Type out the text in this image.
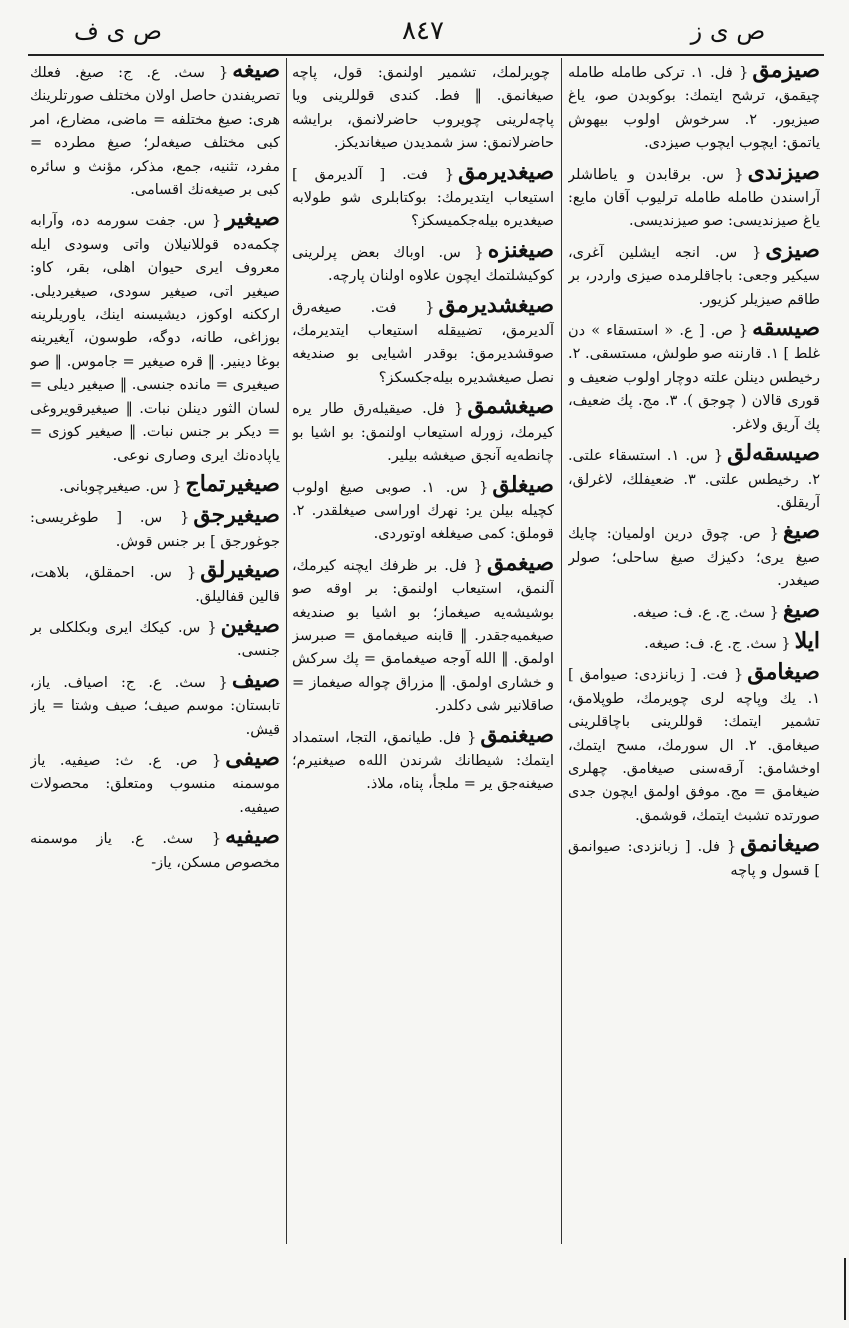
ص ی ز
٨٤٧
ص ی ف
صیزمق{ فل. ١. ترکی طامله طامله چیقمق، ترشح ایتمك: بوکوبدن صو، یاغ صیزیور. ٢. سرخوش اولوب بیهوش یاتمق: ایچوب ایچوب صیزدی.
صیزندی{ س. برقابدن و یاطاشلر آراسندن طامله طامله ترلیوب آقان مایع: یاغ صیزندیسی: صو صیزندیسی.
صیزی{ س. انجه ایشلین آغری، سیکیر وجعی: باجاقلرمده صیزی واردر، بر طاقم صیزیلر کزیور.
صیسقه{ ص. [ ع. « استسقاء » دن غلط ] ١. قارننه صو طولش، مستسقی. ٢. رخیطس دینلن علته دوچار اولوب ضعیف و قوری قالان ( چوجق ). ٣. مج. پك ضعیف، پك آریق ولاغر.
صیسقه‌لق{ س. ١. استسقاء علتی. ٢. رخیطس علتی. ٣. ضعیفلك، لاغرلق، آریقلق.
صیغ{ ص. چوق درین اولمیان: چایك صیغ یری؛ دکیزك صیغ ساحلی؛ صولر صیغدر.
صیغ{ سث. ج. ع. ف: صیغه.
ایلا{ سث. ج. ع. ف: صیغه.
صیغامق{ فت. [ زبانزدی: صیوامق ] ١. یك وپاچه لری چویرمك، طوپلامق، تشمیر ایتمك: قوللرینی باچاقلرینی صیغامق. ٢. ال سورمك، مسح ایتمك، اوخشامق: آرقه‌سنی صیغامق. چهلری ضیغامق = مج. موفق اولمق ایچون جدی صورتده تشبث ایتمك، قوشمق.
صیغانمق{ فل. [ زبانزدی: صیوانمق ] قسول و پاچه
چویرلمك، تشمیر اولنمق: قول، پاچه صیغانمق. ‖ فط. کندی قوللرینی ویا پاچه‌لرینی چویروب حاضرلانمق، برایشه حاضرلانمق: سز شمدیدن صیغاندیکز.
صیغدیرمق{ فت. [ آلدیرمق ] استیعاب ایتدیرمك: بوکتابلری شو طولابه صیغدیره بیله‌جکمیسکز؟
صیغنزه{ س. اوباك بعض پرلرینی کوکیشلتمك ایچون علاوه اولنان پارچه.
صیغشدیرمق{ فت. صیغه‌رق آلدیرمق، تضییقله استیعاب ایتدیرمك، صوقشدیرمق: بوقدر اشیایی بو صندیغه نصل صیغشدیره بیله‌جکسکز؟
صیغشمق{ فل. صیقیله‌رق طار یره کیرمك، زورله استیعاب اولنمق: بو اشیا بو چانطه‌یه آنجق صیغشه بیلیر.
صیغلق{ س. ١. صوبی صیغ اولوب کچیلە بیلن یر: نهرك اوراسی صیغلقدر. ٢. قوملق: کمی صیغلغه اوتوردی.
صیغمق{ فل. بر ظرفك ایچنه کیرمك، آلنمق، استیعاب اولنمق: بر اوقه صو بوشیشه‌یه صیغماز؛ بو اشیا بو صندیغه صیغمیه‌جقدر. ‖ قابنه صیغمامق = صبرسز اولمق. ‖ الله آوجه صیغمامق = پك سرکش و خشاری اولمق. ‖ مزراق چواله صیغماز = صاقلانیر شی دکلدر.
صیغنمق{ فل. طیانمق، التجا، استمداد ایتمك: شیطانك شرندن الله‌ه صیغنیرم؛ صیغنه‌جق یر = ملجأ، پناه، ملاذ.
صیغه{ سث. ع. ج: صیغ. فعلك تصریفندن حاصل اولان مختلف صورتلرینك هری: صیغ مختلفه = ماضی، مضارع، امر کبی مختلف صیغه‌لر؛ صیغ مطرده = مفرد، تثنیه، جمع، مذکر، مؤنث و سائره کبی بر صیغه‌نك اقسامی.
صیغیر{ س. جفت سورمه ده، وآرابه چکمه‌ده قوللانیلان واتی وسودی ایله معروف ایری حیوان اهلی، بقر، کاو: صیغیر اتی، صیغیر سودی، صیغیردیلی. ارککنه اوکوز، دیشیسنه اینك، یاوریلرینه بوزاغی، طانه، دوگه، طوسون، آیغیرینه بوغا دینیر. ‖ قره صیغیر = جاموس. ‖ صو صیغیری = مانده جنسی. ‖ صیغیر دیلی = لسان الثور دینلن نبات. ‖ صیغیرقویروغی = دیکر بر جنس نبات. ‖ صیغیر کوزی = یاپاده‌نك ایری وصاری نوعی.
صیغیرتماج{ س. صیغیرچوبانی.
صیغیرجق{ س. [ طوغریسی: جوغورجق ] بر جنس قوش.
صیغیرلق{ س. احمقلق، بلاهت، قالین قفالیلق.
صیغین{ س. کیکك ایری وبکلکلی بر جنسی.
صیف{ سث. ع. ج: اصیاف. یاز، تابستان: موسم صیف؛ صیف وشتا = یاز قیش.
صیفی{ ص. ع. ث: صیفیه. یاز موسمنه منسوب ومتعلق: محصولات صیفیه.
صیفیه{ سث. ع. یاز موسمنه مخصوص مسکن، یاز-
